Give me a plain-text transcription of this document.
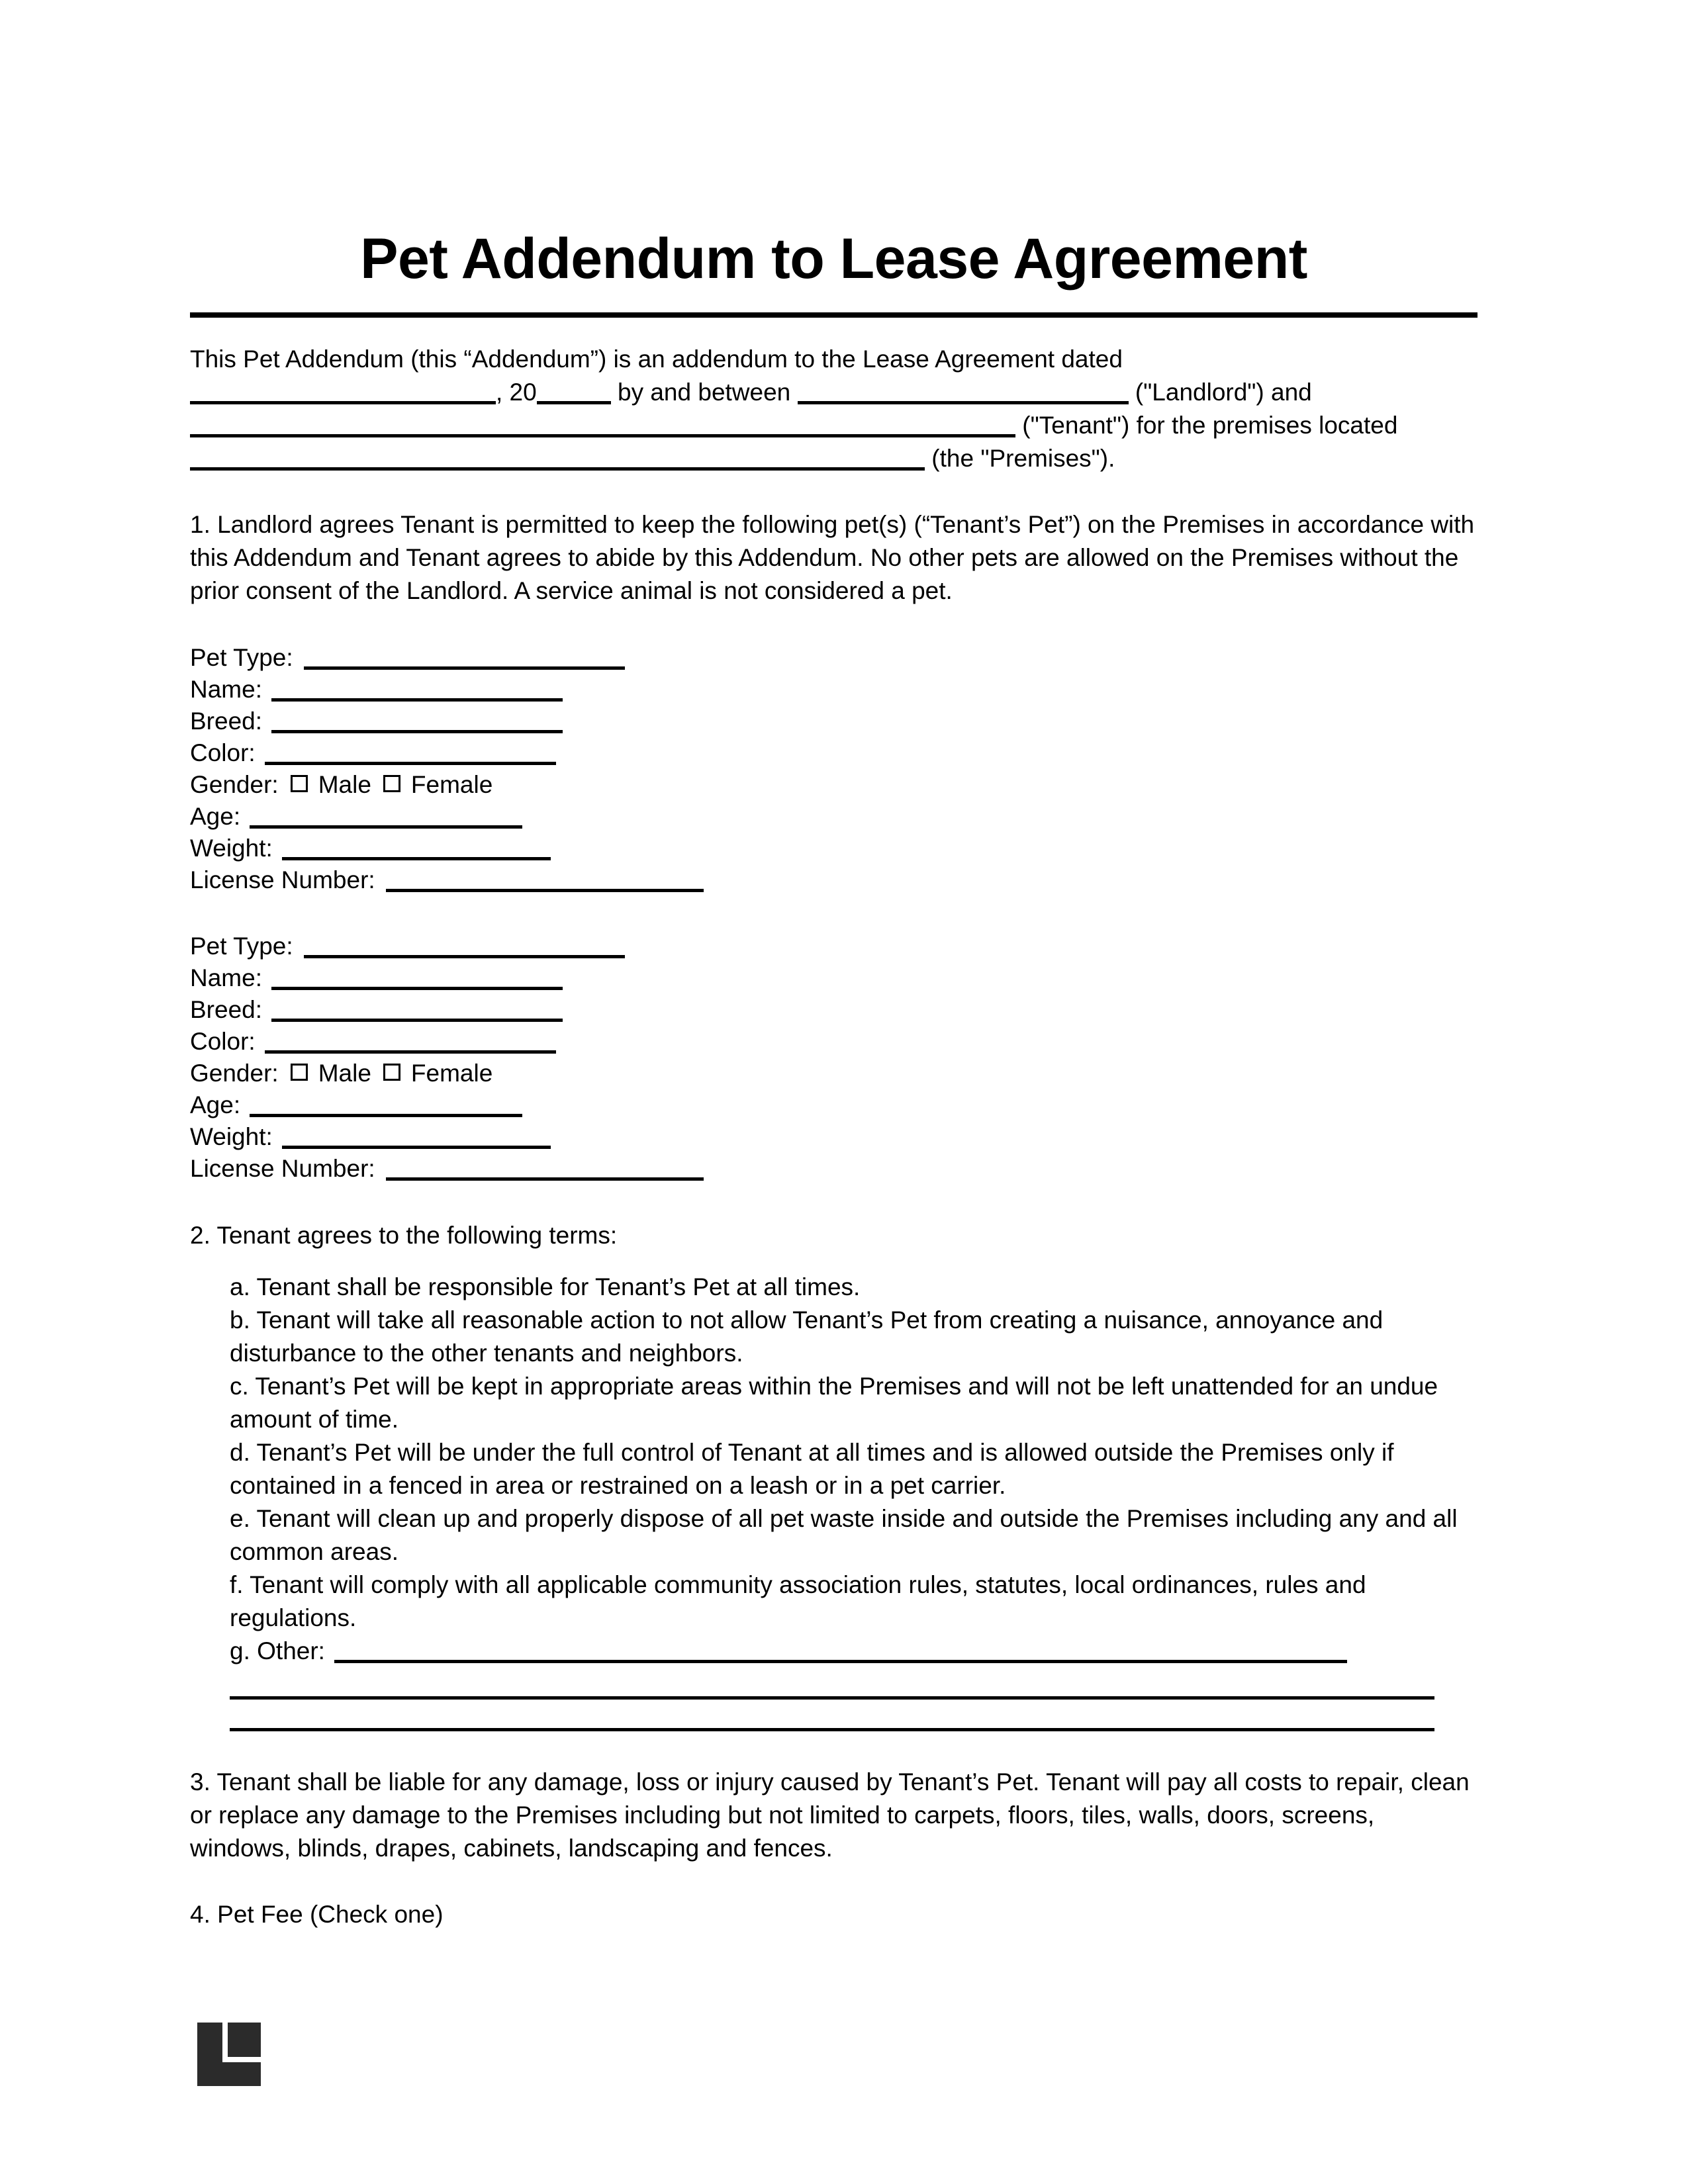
Pet Addendum to Lease Agreement
This Pet Addendum (this “Addendum”) is an addendum to the Lease Agreement dated
, 20	by and between	("Landlord") and
("Tenant") for the premises located
(the "Premises").
1. Landlord agrees Tenant is permitted to keep the following pet(s) (“Tenant’s Pet”) on the Premises in accordance with this Addendum and Tenant agrees to abide by this Addendum. No other pets are allowed on the Premises without the prior consent of the Landlord. A service animal is not considered a pet.
Pet Type:
Name:
Breed:
Color:
Gender: Male Female
Age:
Weight:
License Number:
Pet Type:
Name:
Breed:
Color:
Gender: Male Female
Age:
Weight:
License Number:
2. Tenant agrees to the following terms:
a. Tenant shall be responsible for Tenant’s Pet at all times.
b. Tenant will take all reasonable action to not allow Tenant’s Pet from creating a nuisance, annoyance and disturbance to the other tenants and neighbors.
c. Tenant’s Pet will be kept in appropriate areas within the Premises and will not be left unattended for an undue amount of time.
d. Tenant’s Pet will be under the full control of Tenant at all times and is allowed outside the Premises only if contained in a fenced in area or restrained on a leash or in a pet carrier.
e. Tenant will clean up and properly dispose of all pet waste inside and outside the Premises including any and all common areas.
f. Tenant will comply with all applicable community association rules, statutes, local ordinances, rules and regulations.
g. Other:
3. Tenant shall be liable for any damage, loss or injury caused by Tenant’s Pet. Tenant will pay all costs to repair, clean or replace any damage to the Premises including but not limited to carpets, floors, tiles, walls, doors, screens, windows, blinds, drapes, cabinets, landscaping and fences.
4. Pet Fee (Check one)
